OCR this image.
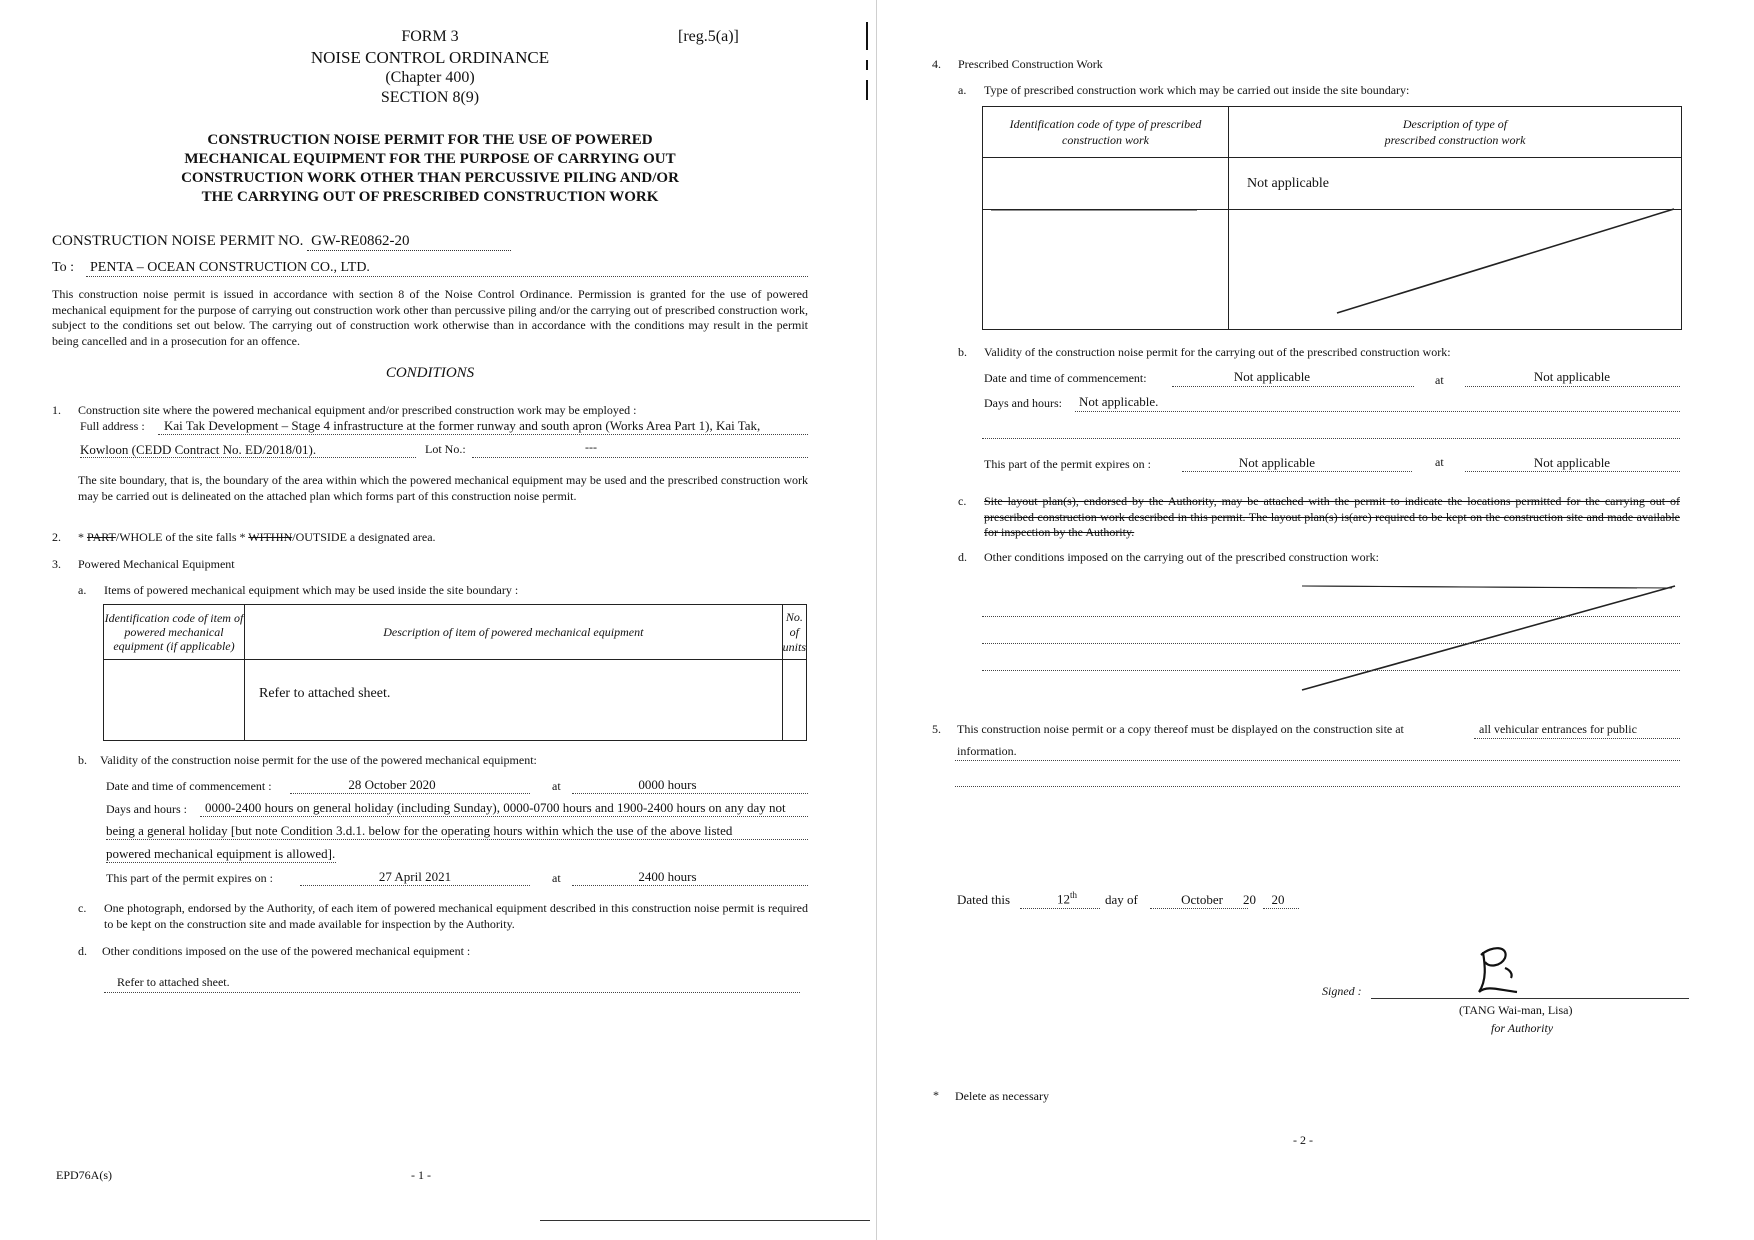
FORM 3
NOISE CONTROL ORDINANCE
(Chapter 400)
SECTION 8(9)
[reg.5(a)]
CONSTRUCTION NOISE PERMIT FOR THE USE OF POWERED
MECHANICAL EQUIPMENT FOR THE PURPOSE OF CARRYING OUT
CONSTRUCTION WORK OTHER THAN PERCUSSIVE PILING AND/OR
THE CARRYING OUT OF PRESCRIBED CONSTRUCTION WORK
CONSTRUCTION NOISE PERMIT NO. GW-RE0862-20
To : PENTA – OCEAN CONSTRUCTION CO., LTD.
This construction noise permit is issued in accordance with section 8 of the Noise Control Ordinance. Permission is granted for the use of powered mechanical equipment for the purpose of carrying out construction work other than percussive piling and/or the carrying out of prescribed construction work, subject to the conditions set out below. The carrying out of construction work otherwise than in accordance with the conditions may result in the permit being cancelled and in a prosecution for an offence.
CONDITIONS
1. Construction site where the powered mechanical equipment and/or prescribed construction work may be employed :
Full address : Kai Tak Development – Stage 4 infrastructure at the former runway and south apron (Works Area Part 1), Kai Tak,
Kowloon (CEDD Contract No. ED/2018/01).	Lot No.:	---
The site boundary, that is, the boundary of the area within which the powered mechanical equipment may be used and the prescribed construction work may be carried out is delineated on the attached plan which forms part of this construction noise permit.
2. * PART/WHOLE of the site falls * WITHIN/OUTSIDE a designated area.
3. Powered Mechanical Equipment
a. Items of powered mechanical equipment which may be used inside the site boundary :
Identification code of item of powered mechanical equipment (if applicable)	Description of item of powered mechanical equipment	No. of units
	Refer to attached sheet.	
b. Validity of the construction noise permit for the use of the powered mechanical equipment:
Date and time of commencement :	28 October 2020	at	0000 hours
Days and hours : 0000-2400 hours on general holiday (including Sunday), 0000-0700 hours and 1900-2400 hours on any day not
being a general holiday [but note Condition 3.d.1. below for the operating hours within which the use of the above listed
powered mechanical equipment is allowed].
This part of the permit expires on :	27 April 2021	at	2400 hours
c. One photograph, endorsed by the Authority, of each item of powered mechanical equipment described in this construction noise permit is required to be kept on the construction site and made available for inspection by the Authority.
d. Other conditions imposed on the use of the powered mechanical equipment :
Refer to attached sheet.
EPD76A(s)	- 1 -
4. Prescribed Construction Work
a. Type of prescribed construction work which may be carried out inside the site boundary:
Identification code of type of prescribed construction work	Description of type of prescribed construction work
	Not applicable

b. Validity of the construction noise permit for the carrying out of the prescribed construction work:
Date and time of commencement:	Not applicable	at	Not applicable
Days and hours: Not applicable.
This part of the permit expires on :	Not applicable	at	Not applicable
c. Site layout plan(s), endorsed by the Authority, may be attached with the permit to indicate the locations permitted for the carrying out of prescribed construction work described in this permit. The layout plan(s) is(are) required to be kept on the construction site and made available for inspection by the Authority.
d. Other conditions imposed on the carrying out of the prescribed construction work:
5. This construction noise permit or a copy thereof must be displayed on the construction site at	all vehicular entrances for public
information.
Dated this	12th	day of	October	20	20
Signed :
(TANG Wai-man, Lisa)
for Authority
* Delete as necessary
- 2 -
